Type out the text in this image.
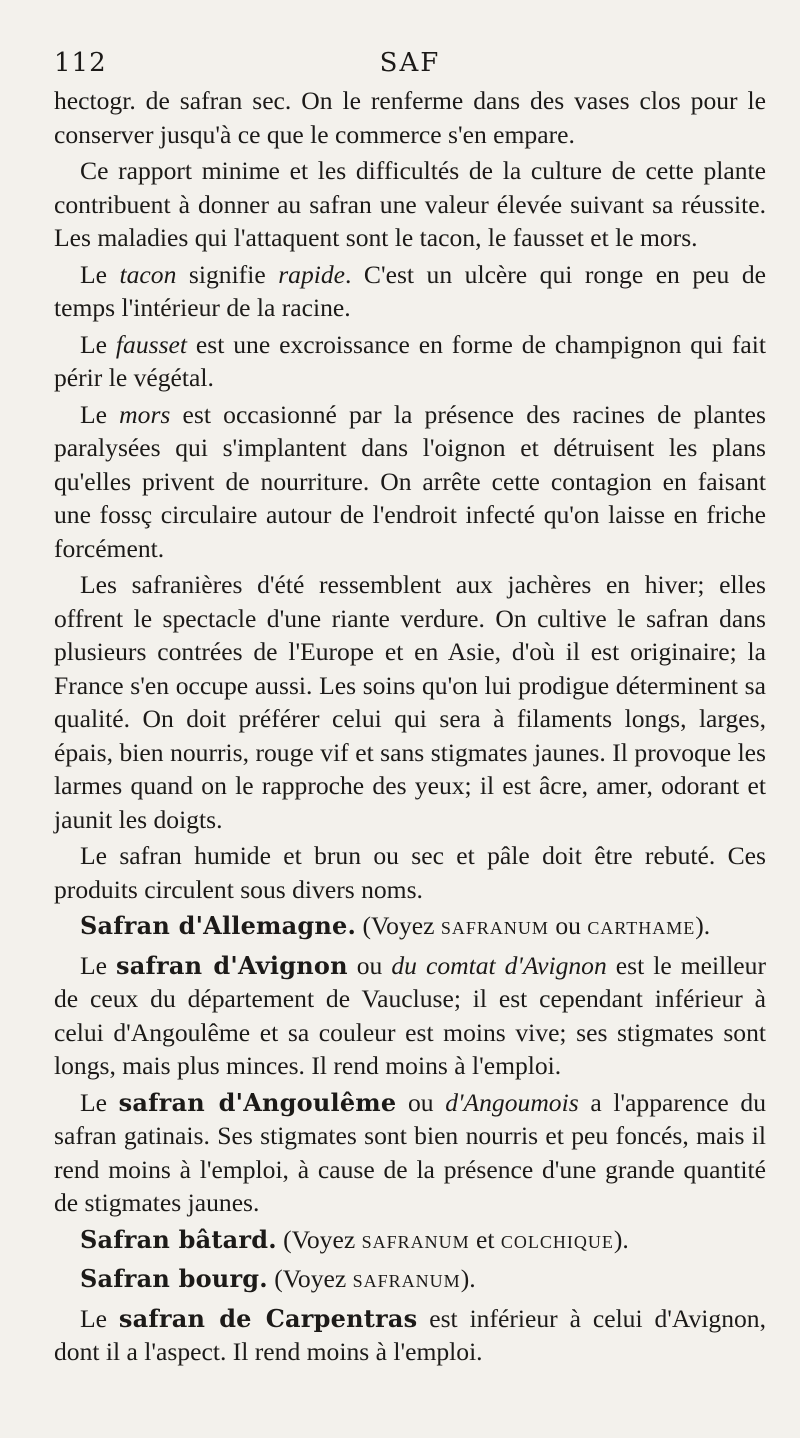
112	SAF

hectogr. de safran sec. On le renferme dans des vases clos pour le conserver jusqu'à ce que le commerce s'en empare.

Ce rapport minime et les difficultés de la culture de cette plante contribuent à donner au safran une valeur élevée suivant sa réussite. Les maladies qui l'attaquent sont le tacon, le fausset et le mors.

Le tacon signifie rapide. C'est un ulcère qui ronge en peu de temps l'intérieur de la racine.

Le fausset est une excroissance en forme de champignon qui fait périr le végétal.

Le mors est occasionné par la présence des racines de plantes paralysées qui s'implantent dans l'oignon et détruisent les plans qu'elles privent de nourriture. On arrête cette contagion en faisant une fossç circulaire autour de l'endroit infecté qu'on laisse en friche forcément.

Les safranières d'été ressemblent aux jachères en hiver; elles offrent le spectacle d'une riante verdure. On cultive le safran dans plusieurs contrées de l'Europe et en Asie, d'où il est originaire; la France s'en occupe aussi. Les soins qu'on lui prodigue déterminent sa qualité. On doit préférer celui qui sera à filaments longs, larges, épais, bien nourris, rouge vif et sans stigmates jaunes. Il provoque les larmes quand on le rapproche des yeux; il est âcre, amer, odorant et jaunit les doigts.

Le safran humide et brun ou sec et pâle doit être rebuté. Ces produits circulent sous divers noms.

Safran d'Allemagne. (Voyez SAFRANUM ou CARTHAME).

Le safran d'Avignon ou du comtat d'Avignon est le meilleur de ceux du département de Vaucluse; il est cependant inférieur à celui d'Angoulême et sa couleur est moins vive; ses stigmates sont longs, mais plus minces. Il rend moins à l'emploi.

Le safran d'Angoulême ou d'Angoumois a l'apparence du safran gatinais. Ses stigmates sont bien nourris et peu foncés, mais il rend moins à l'emploi, à cause de la présence d'une grande quantité de stigmates jaunes.

Safran bâtard. (Voyez SAFRANUM et COLCHIQUE).

Safran bourg. (Voyez SAFRANUM).

Le safran de Carpentras est inférieur à celui d'Avignon, dont il a l'aspect. Il rend moins à l'emploi.
